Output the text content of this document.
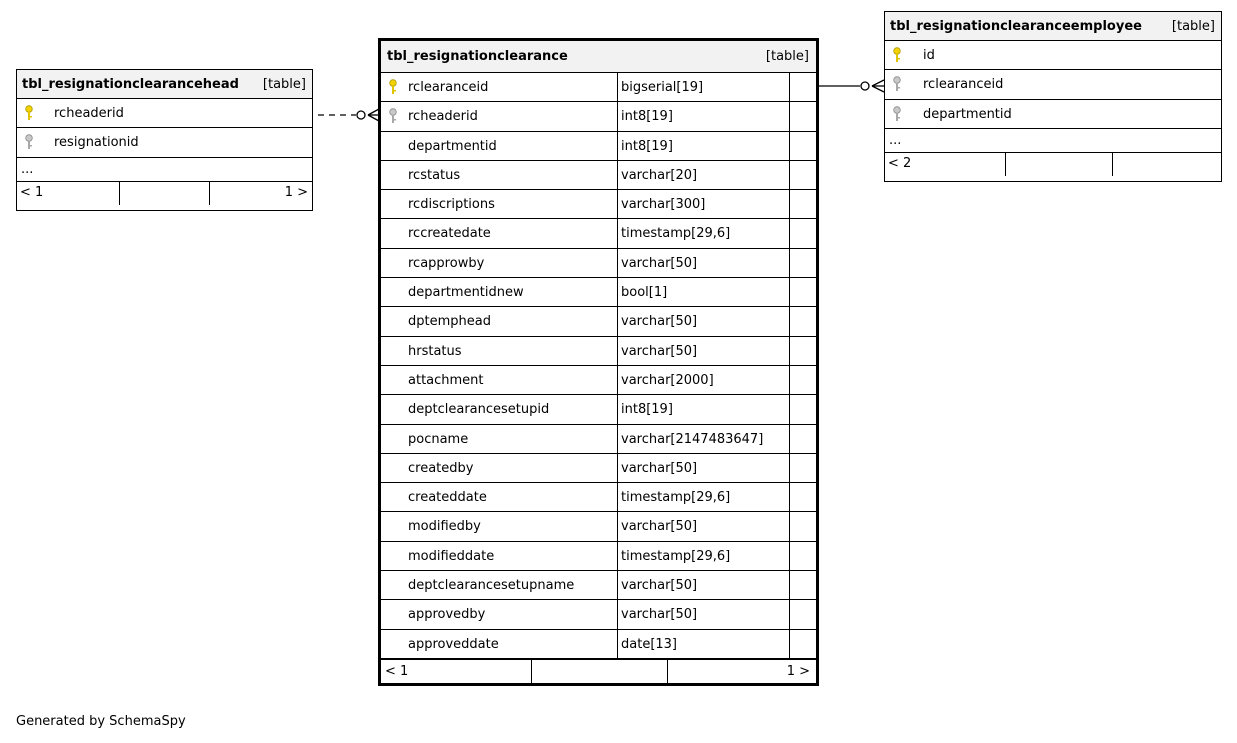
tbl_resignationclearancehead [table]
rcheaderid
resignationid
...
< 1	1 >
tbl_resignationclearance	[table]
rclearanceid	bigserial[19]
rcheaderid	int8[19]
departmentid	int8[19]
rcstatus	varchar[20]
rcdiscriptions	varchar[300]
rccreatedate	timestamp[29,6]
rcapprowby	varchar[50]
departmentidnew	bool[1]
dptemphead	varchar[50]
hrstatus	varchar[50]
attachment	varchar[2000]
deptclearancesetupid	int8[19]
pocname	varchar[2147483647]
createdby	varchar[50]
createddate	timestamp[29,6]
modifiedby	varchar[50]
modifieddate	timestamp[29,6]
deptclearancesetupname	varchar[50]
approvedby	varchar[50]
approveddate	date[13]
< 1	1 >
tbl_resignationclearanceemployee [table]
id
rclearanceid
departmentid
...
< 2
Generated by SchemaSpy
